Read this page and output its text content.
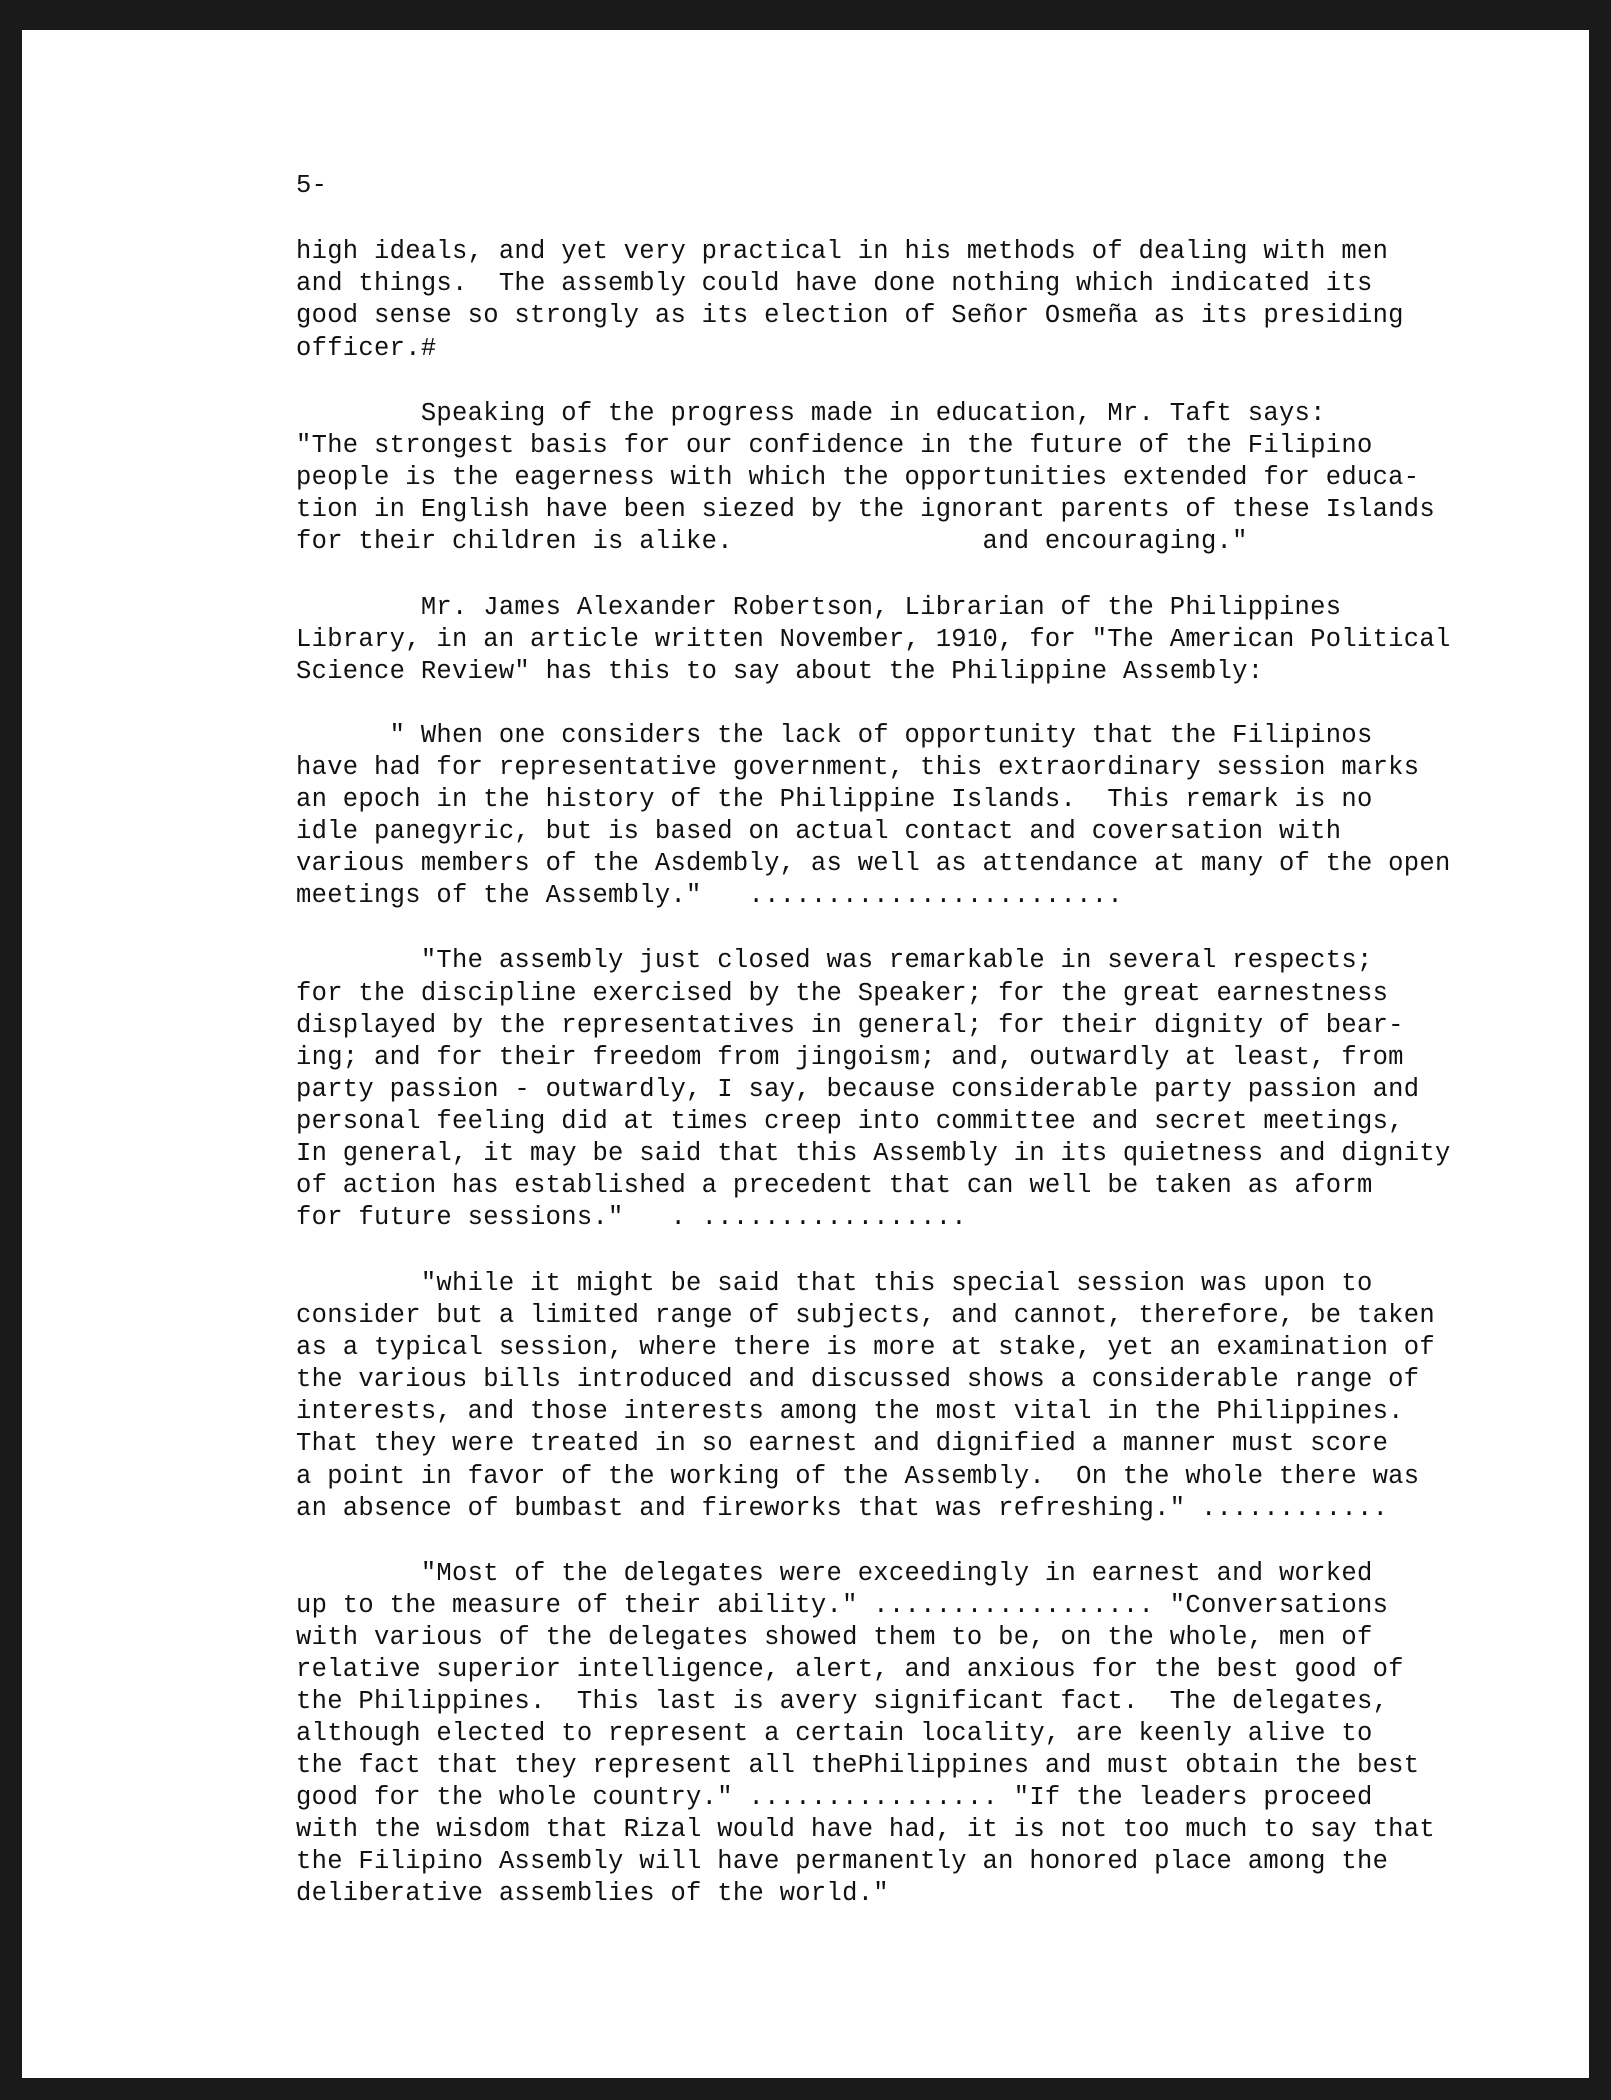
5-
high ideals, and yet very practical in his methods of dealing with men
and things.  The assembly could have done nothing which indicated its
good sense so strongly as its election of Señor Osmeña as its presiding
officer.#
Speaking of the progress made in education, Mr. Taft says:
"The strongest basis for our confidence in the future of the Filipino
people is the eagerness with which the opportunities extended for educa-
tion in English have been siezed by the ignorant parents of these Islands
for their children is alike.                and encouraging."
Mr. James Alexander Robertson, Librarian of the Philippines
Library, in an article written November, 1910, for "The American Political
Science Review" has this to say about the Philippine Assembly:
" When one considers the lack of opportunity that the Filipinos
have had for representative government, this extraordinary session marks
an epoch in the history of the Philippine Islands.  This remark is no
idle panegyric, but is based on actual contact and coversation with
various members of the Asdembly, as well as attendance at many of the open
meetings of the Assembly."   ........................
"The assembly just closed was remarkable in several respects;
for the discipline exercised by the Speaker; for the great earnestness
displayed by the representatives in general; for their dignity of bear-
ing; and for their freedom from jingoism; and, outwardly at least, from
party passion - outwardly, I say, because considerable party passion and
personal feeling did at times creep into committee and secret meetings,
In general, it may be said that this Assembly in its quietness and dignity
of action has established a precedent that can well be taken as aform
for future sessions."   . .................
"while it might be said that this special session was upon to
consider but a limited range of subjects, and cannot, therefore, be taken
as a typical session, where there is more at stake, yet an examination of
the various bills introduced and discussed shows a considerable range of
interests, and those interests among the most vital in the Philippines.
That they were treated in so earnest and dignified a manner must score
a point in favor of the working of the Assembly.  On the whole there was
an absence of bumbast and fireworks that was refreshing." ............
"Most of the delegates were exceedingly in earnest and worked
up to the measure of their ability." .................. "Conversations
with various of the delegates showed them to be, on the whole, men of
relative superior intelligence, alert, and anxious for the best good of
the Philippines.  This last is avery significant fact.  The delegates,
although elected to represent a certain locality, are keenly alive to
the fact that they represent all thePhilippines and must obtain the best
good for the whole country." ................ "If the leaders proceed
with the wisdom that Rizal would have had, it is not too much to say that
the Filipino Assembly will have permanently an honored place among the
deliberative assemblies of the world."
